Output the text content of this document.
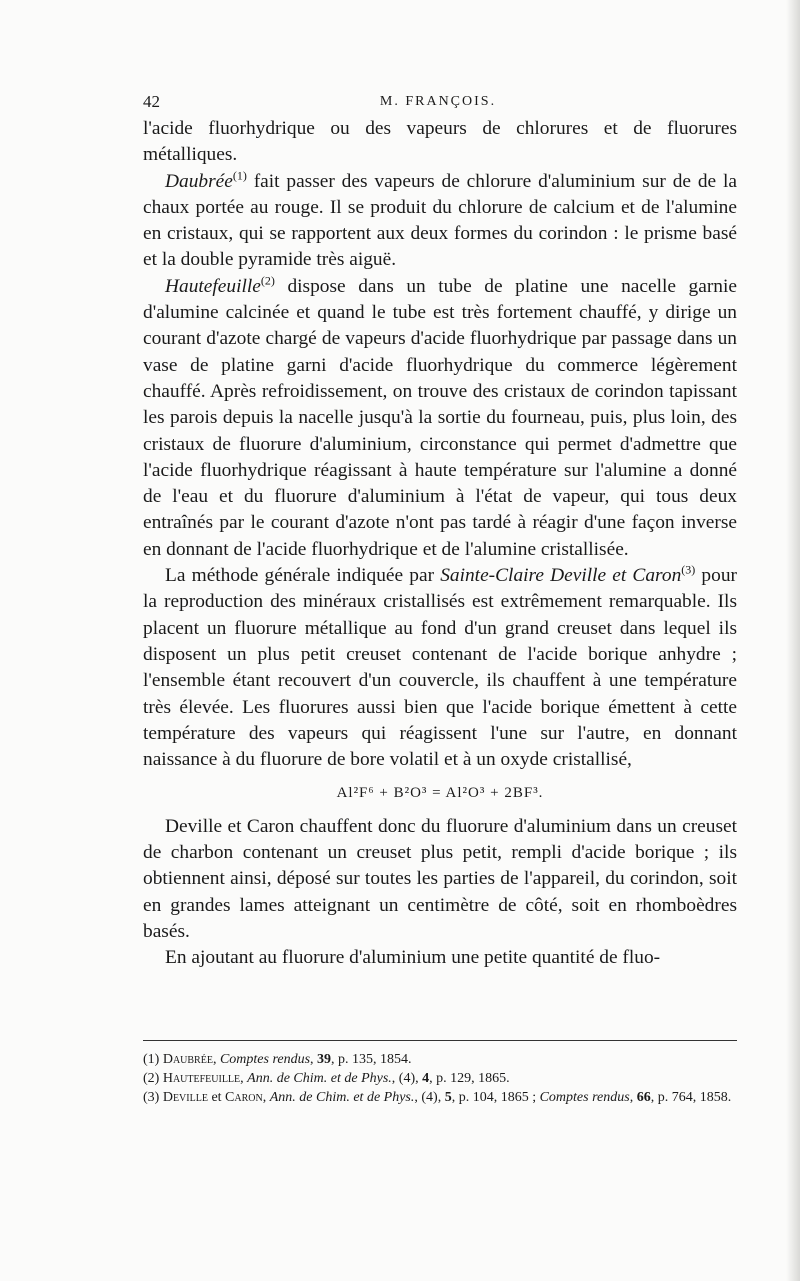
42	M. FRANÇOIS.

l'acide fluorhydrique ou des vapeurs de chlorures et de fluorures métalliques.

Daubrée$^{(1)}$ fait passer des vapeurs de chlorure d'aluminium sur de de la chaux portée au rouge. Il se produit du chlorure de calcium et de l'alumine en cristaux, qui se rapportent aux deux formes du corindon : le prisme basé et la double pyramide très aiguë.

Hautefeuille$^{(2)}$ dispose dans un tube de platine une nacelle garnie d'alumine calcinée et quand le tube est très fortement chauffé, y dirige un courant d'azote chargé de vapeurs d'acide fluorhydrique par passage dans un vase de platine garni d'acide fluorhydrique du commerce légèrement chauffé. Après refroidissement, on trouve des cristaux de corindon tapissant les parois depuis la nacelle jusqu'à la sortie du fourneau, puis, plus loin, des cristaux de fluorure d'aluminium, circonstance qui permet d'admettre que l'acide fluorhydrique réagissant à haute température sur l'alumine a donné de l'eau et du fluorure d'aluminium à l'état de vapeur, qui tous deux entraînés par le courant d'azote n'ont pas tardé à réagir d'une façon inverse en donnant de l'acide fluorhydrique et de l'alumine cristallisée.

La méthode générale indiquée par Sainte-Claire Deville et Caron$^{(3)}$ pour la reproduction des minéraux cristallisés est extrêmement remarquable. Ils placent un fluorure métallique au fond d'un grand creuset dans lequel ils disposent un plus petit creuset contenant de l'acide borique anhydre ; l'ensemble étant recouvert d'un couvercle, ils chauffent à une température très élevée. Les fluorures aussi bien que l'acide borique émettent à cette température des vapeurs qui réagissent l'une sur l'autre, en donnant naissance à du fluorure de bore volatil et à un oxyde cristallisé,

Al²F⁶ + B²O³ = Al²O³ + 2BF³.

Deville et Caron chauffent donc du fluorure d'aluminium dans un creuset de charbon contenant un creuset plus petit, rempli d'acide borique ; ils obtiennent ainsi, déposé sur toutes les parties de l'appareil, du corindon, soit en grandes lames atteignant un centimètre de côté, soit en rhomboèdres basés.

En ajoutant au fluorure d'aluminium une petite quantité de fluo-

(1) Daubrée, Comptes rendus, 39, p. 135, 1854.

(2) Hautefeuille, Ann. de Chim. et de Phys., (4), 4, p. 129, 1865.

(3) Deville et Caron, Ann. de Chim. et de Phys., (4), 5, p. 104, 1865 ; Comptes rendus, 66, p. 764, 1858.
